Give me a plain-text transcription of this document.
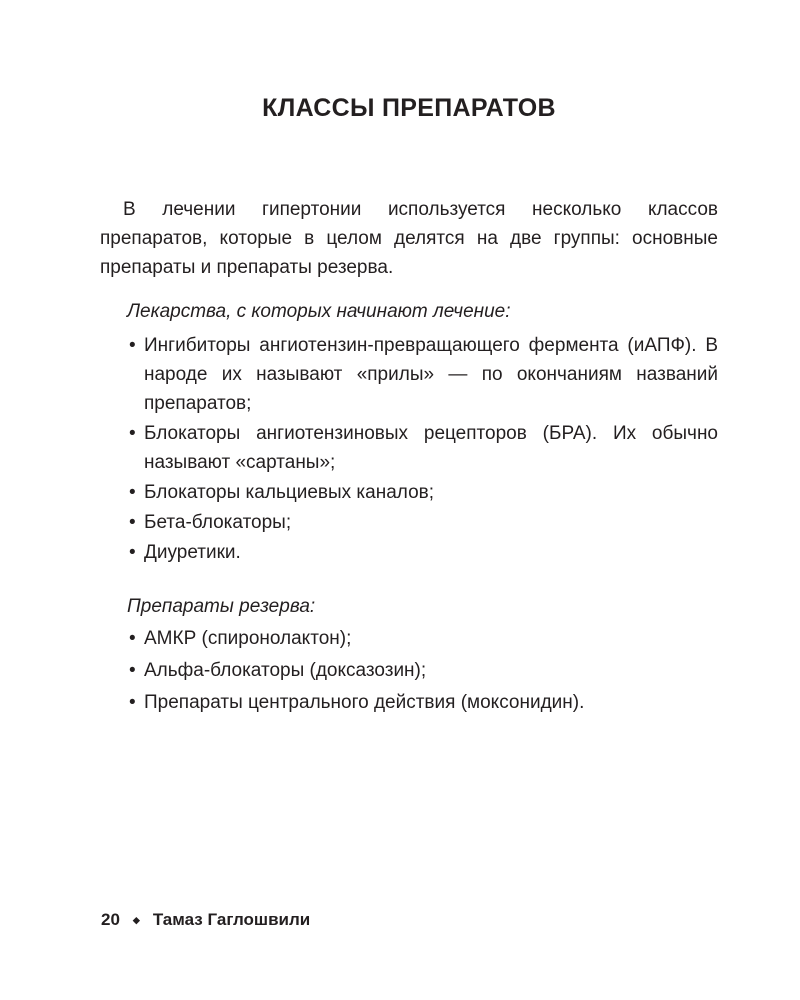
КЛАССЫ ПРЕПАРАТОВ

В лечении гипертонии используется несколько классов препаратов, которые в целом делятся на две группы: основные препараты и препараты резерва.

Лекарства, с которых начинают лечение:

• Ингибиторы ангиотензин-превращающего фермента (иАПФ). В народе их называют «прилы» — по окончаниям названий препаратов;
• Блокаторы ангиотензиновых рецепторов (БРА). Их обычно называют «сартаны»;
• Блокаторы кальциевых каналов;
• Бета-блокаторы;
• Диуретики.

Препараты резерва:

• АМКР (спиронолактон);
• Альфа-блокаторы (доксазозин);
• Препараты центрального действия (моксонидин).
20 ◆ Тамаз Гаглошвили
